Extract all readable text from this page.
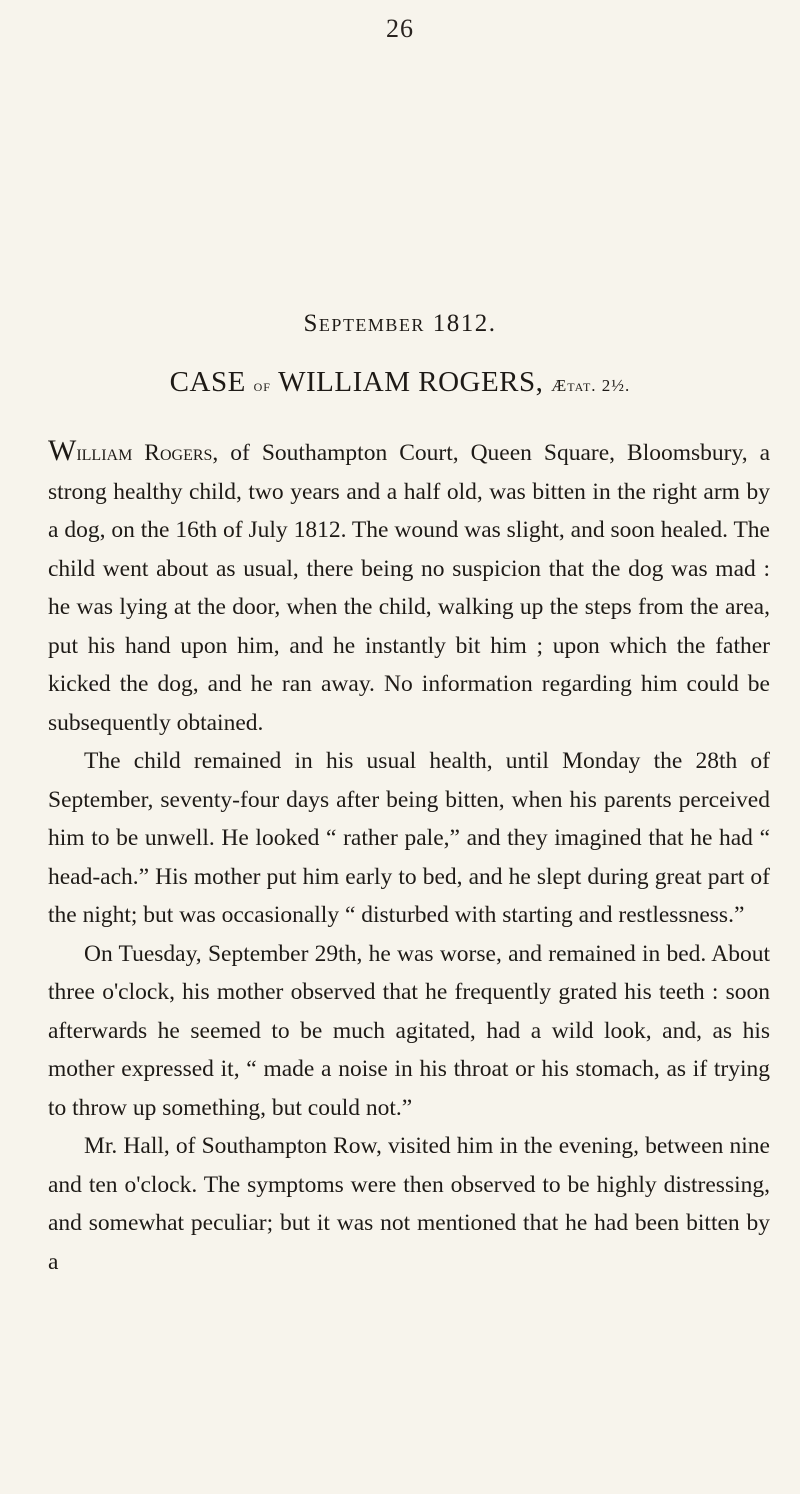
26
September 1812.
CASE of WILLIAM ROGERS, Ætat. 2½.

William Rogers, of Southampton Court, Queen Square, Bloomsbury, a strong healthy child, two years and a half old, was bitten in the right arm by a dog, on the 16th of July 1812. The wound was slight, and soon healed. The child went about as usual, there being no suspicion that the dog was mad : he was lying at the door, when the child, walking up the steps from the area, put his hand upon him, and he instantly bit him ; upon which the father kicked the dog, and he ran away. No information regarding him could be subsequently obtained.

The child remained in his usual health, until Monday the 28th of September, seventy-four days after being bitten, when his parents perceived him to be unwell. He looked “ rather pale,” and they imagined that he had “ head-ach.” His mother put him early to bed, and he slept during great part of the night; but was occasionally “ disturbed with starting and restlessness.”

On Tuesday, September 29th, he was worse, and remained in bed. About three o'clock, his mother observed that he frequently grated his teeth : soon afterwards he seemed to be much agitated, had a wild look, and, as his mother expressed it, “ made a noise in his throat or his stomach, as if trying to throw up something, but could not.”

Mr. Hall, of Southampton Row, visited him in the evening, between nine and ten o'clock. The symptoms were then observed to be highly distressing, and somewhat peculiar; but it was not mentioned that he had been bitten by a
